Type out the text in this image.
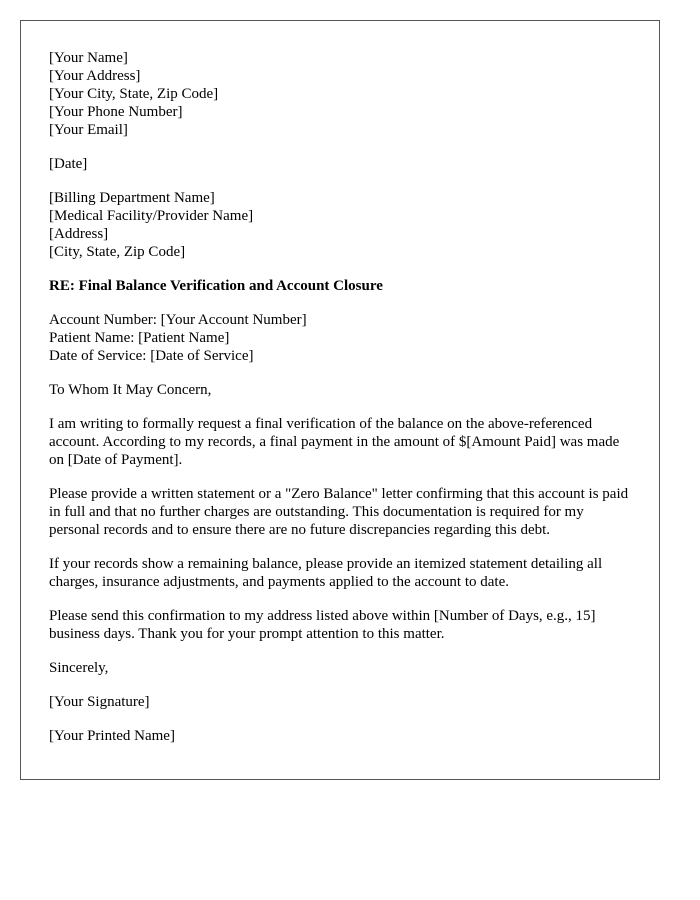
[Your Name]
[Your Address]
[Your City, State, Zip Code]
[Your Phone Number]
[Your Email]
[Date]
[Billing Department Name]
[Medical Facility/Provider Name]
[Address]
[City, State, Zip Code]
RE: Final Balance Verification and Account Closure
Account Number: [Your Account Number]
Patient Name: [Patient Name]
Date of Service: [Date of Service]
To Whom It May Concern,

I am writing to formally request a final verification of the balance on the above-referenced account. According to my records, a final payment in the amount of $[Amount Paid] was made on [Date of Payment].

Please provide a written statement or a "Zero Balance" letter confirming that this account is paid in full and that no further charges are outstanding. This documentation is required for my personal records and to ensure there are no future discrepancies regarding this debt.

If your records show a remaining balance, please provide an itemized statement detailing all charges, insurance adjustments, and payments applied to the account to date.

Please send this confirmation to my address listed above within [Number of Days, e.g., 15] business days. Thank you for your prompt attention to this matter.

Sincerely,
[Your Signature]
[Your Printed Name]
